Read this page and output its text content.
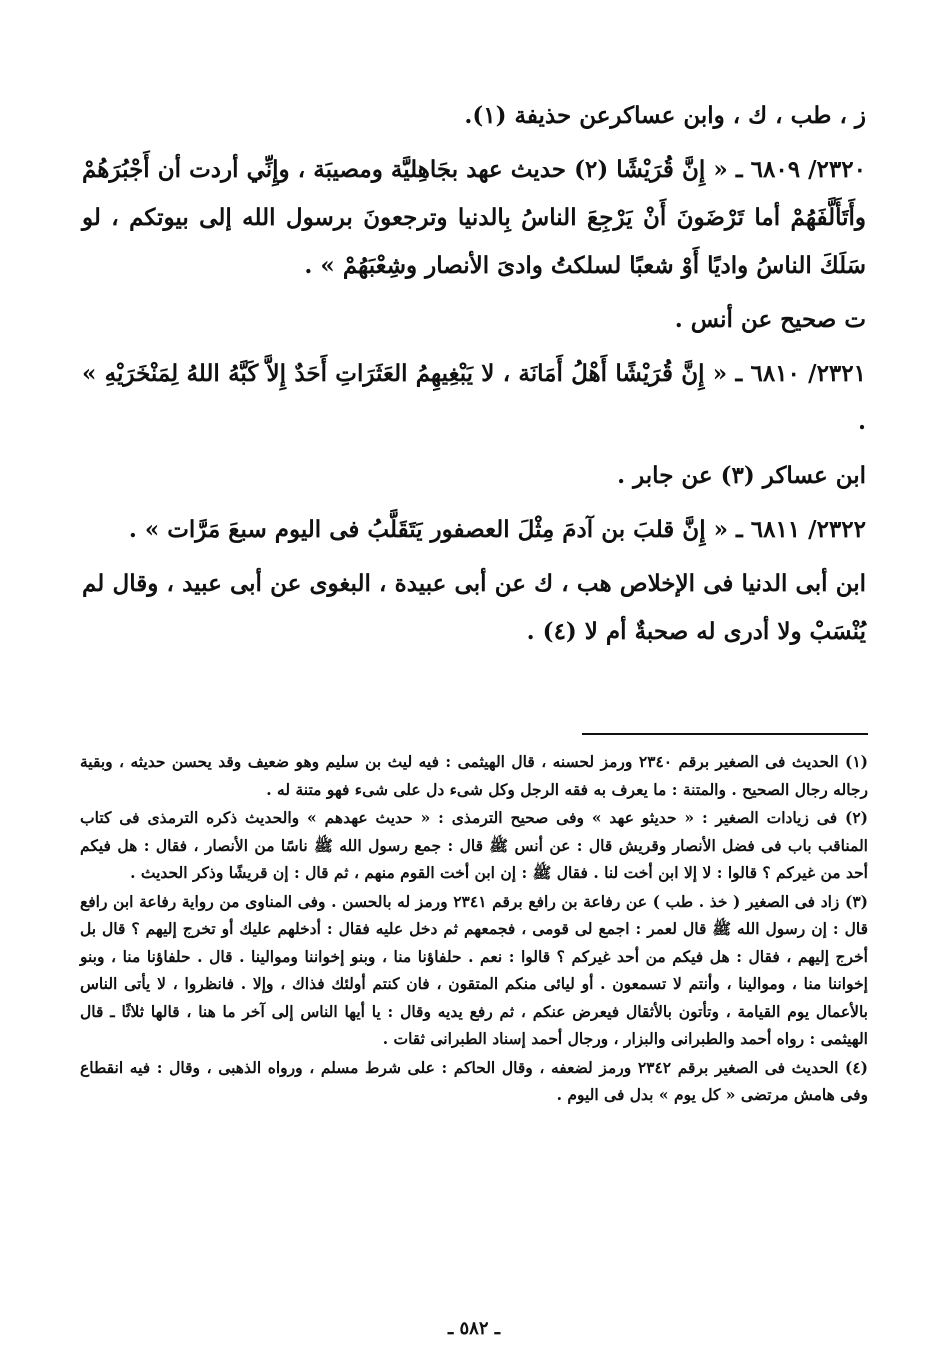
ز ، طب ، ك ، وابن عساكرعن حذيفة (١).

٢٣٢٠/ ٦٨٠٩ ـ « إِنَّ قُرَيْشًا (٢) حديث عهد بجَاهِليَّة ومصيبَة ، وإِنِّي أردت أن أَجْبُرَهُمْ وأَتَأَلَّفَهُمْ أما تَرْضَونَ أَنْ يَرْجِعَ الناسُ بِالدنيا وترجعونَ برسول الله إلى بيوتكم ، لو سَلَكَ الناسُ واديًا أَوْ شعبًا لسلكتُ وادىَ الأنصار وشِعْبَهُمْ » .

ت صحيح عن أنس .

٢٣٢١/ ٦٨١٠ ـ « إِنَّ قُرَيْشًا أَهْلُ أَمَانَة ، لا يَبْغِيهِمُ العَثَرَاتِ أَحَدٌ إِلاَّ كَبَّهُ اللهُ لِمَنْخَرَيْهِ » .

ابن عساكر (٣) عن جابر .

٢٣٢٢/ ٦٨١١ ـ « إِنَّ قلبَ بن آدمَ مِثْلَ العصفور يَتَقَلَّبُ فى اليوم سبعَ مَرَّات » .

ابن أبى الدنيا فى الإخلاص هب ، ك عن أبى عبيدة ، البغوى عن أبى عبيد ، وقال لم يُنْسَبْ ولا أدرى له صحبةٌ أم لا (٤) .

(١) الحديث فى الصغير برقم ٢٣٤٠ ورمز لحسنه ، قال الهيثمى : فيه ليث بن سليم وهو ضعيف وقد يحسن حديثه ، وبقية رجاله رجال الصحيح . والمتنة : ما يعرف به فقه الرجل وكل شىء دل على شىء فهو متنة له .

(٢) فى زيادات الصغير : « حديثو عهد » وفى صحيح الترمذى : « حديث عهدهم » والحديث ذكره الترمذى فى كتاب المناقب باب فى فضل الأنصار وقريش قال : عن أنس ﷺ قال : جمع رسول الله ﷺ ناسًا من الأنصار ، فقال : هل فيكم أحد من غيركم ؟ قالوا : لا إلا ابن أخت لنا . فقال ﷺ : إن ابن أخت القوم منهم ، ثم قال : إن قريشًا وذكر الحديث .

(٣) زاد فى الصغير ( خذ . طب ) عن رفاعة بن رافع برقم ٢٣٤١ ورمز له بالحسن . وفى المناوى من رواية رفاعة ابن رافع قال : إن رسول الله ﷺ قال لعمر : اجمع لى قومى ، فجمعهم ثم دخل عليه فقال : أدخلهم عليك أو تخرج إليهم ؟ قال بل أخرج إليهم ، فقال : هل فيكم من أحد غيركم ؟ قالوا : نعم . حلفاؤنا منا ، وبنو إخواننا وموالينا . قال . حلفاؤنا منا ، وبنو إخواننا منا ، وموالينا ، وأنتم لا تسمعون . أو ليائى منكم المتقون ، فان كنتم أولئك فذاك ، وإلا . فانظروا ، لا يأتى الناس بالأعمال يوم القيامة ، وتأتون بالأثقال فيعرض عنكم ، ثم رفع يديه وقال : يا أيها الناس إلى آخر ما هنا ، قالها ثلاثًا ـ قال الهيثمى : رواه أحمد والطبرانى والبزار ، ورجال أحمد إسناد الطبرانى ثقات .

(٤) الحديث فى الصغير برقم ٢٣٤٢ ورمز لضعفه ، وقال الحاكم : على شرط مسلم ، ورواه الذهبى ، وقال : فيه انقطاع وفى هامش مرتضى « كل يوم » بدل فى اليوم .

ـ ٥٨٢ ـ
